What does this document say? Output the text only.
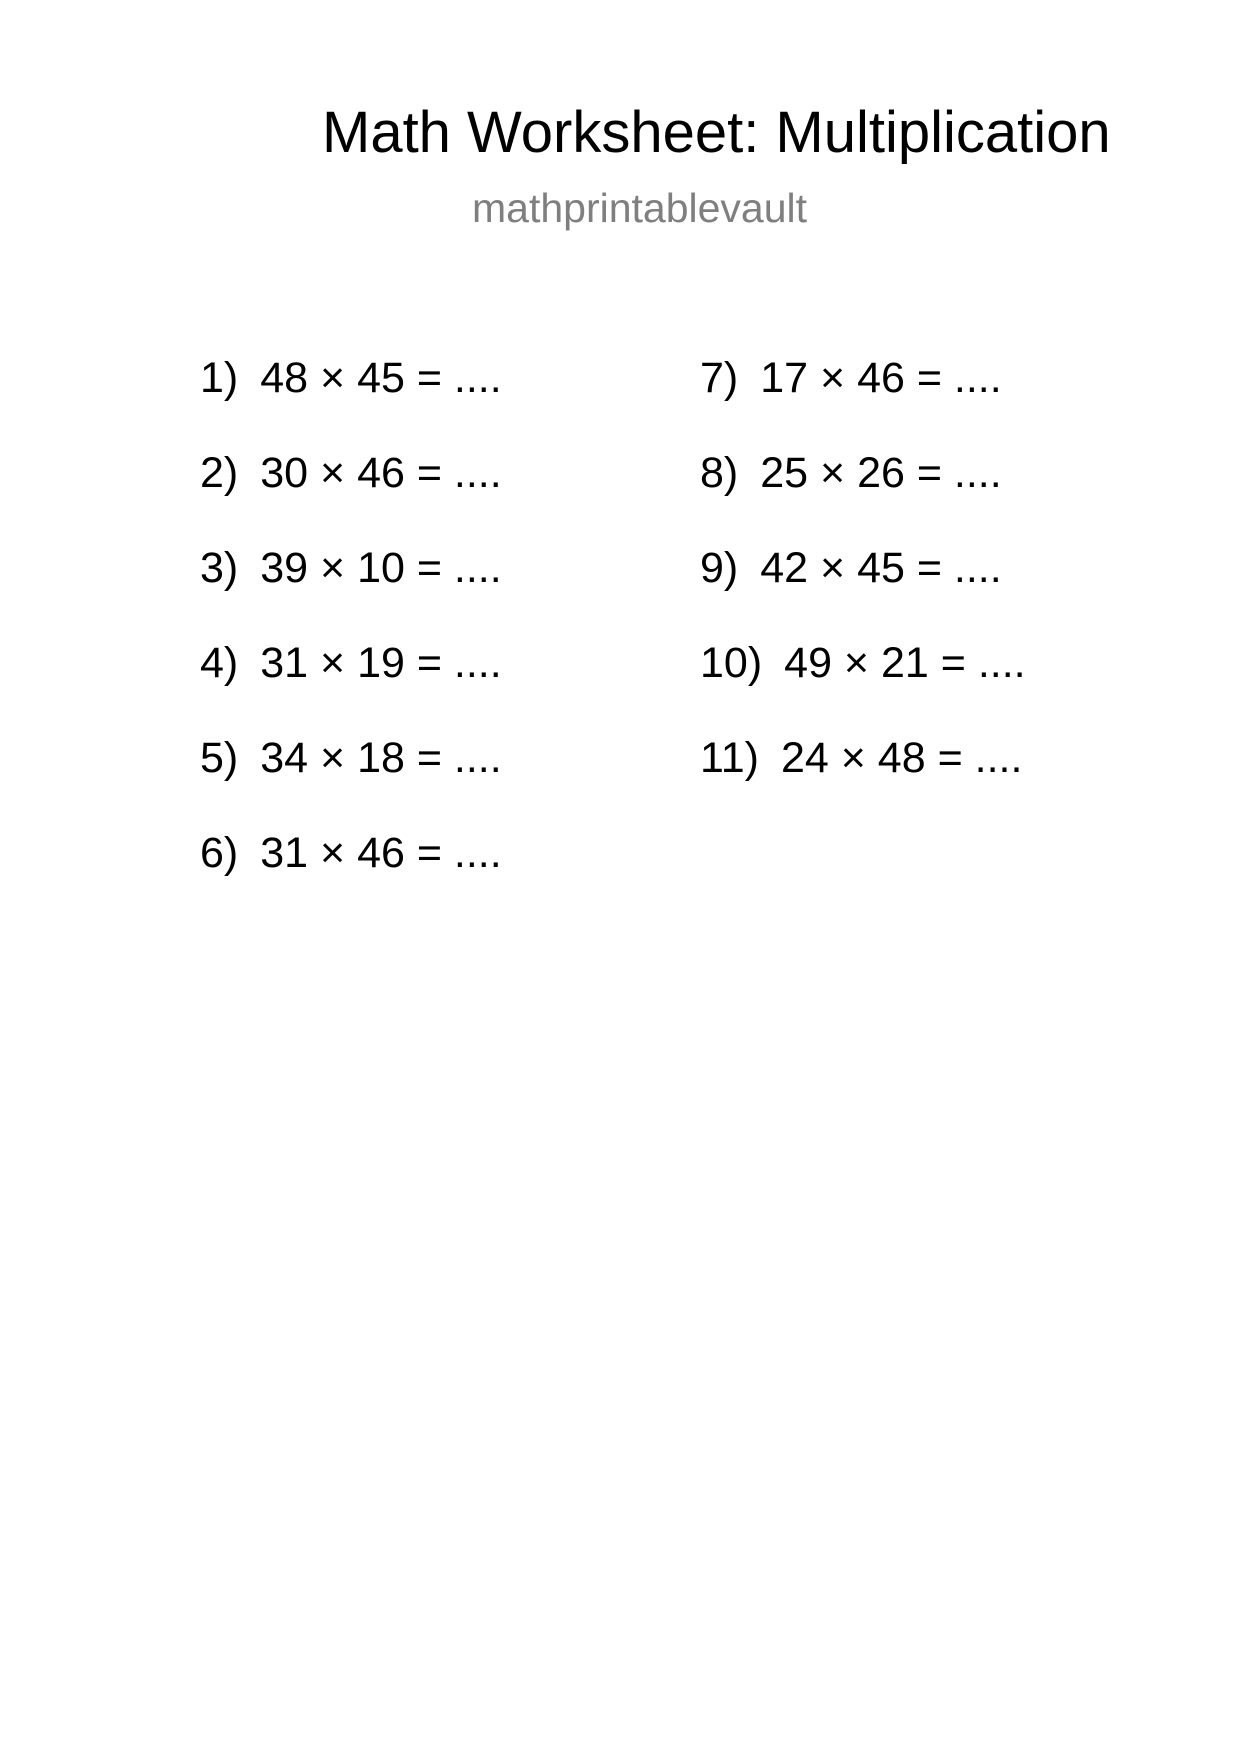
Math Worksheet: Multiplication
mathprintablevault
1) 48 × 45 = ....
2) 30 × 46 = ....
3) 39 × 10 = ....
4) 31 × 19 = ....
5) 34 × 18 = ....
6) 31 × 46 = ....
7) 17 × 46 = ....
8) 25 × 26 = ....
9) 42 × 45 = ....
10) 49 × 21 = ....
11) 24 × 48 = ....
